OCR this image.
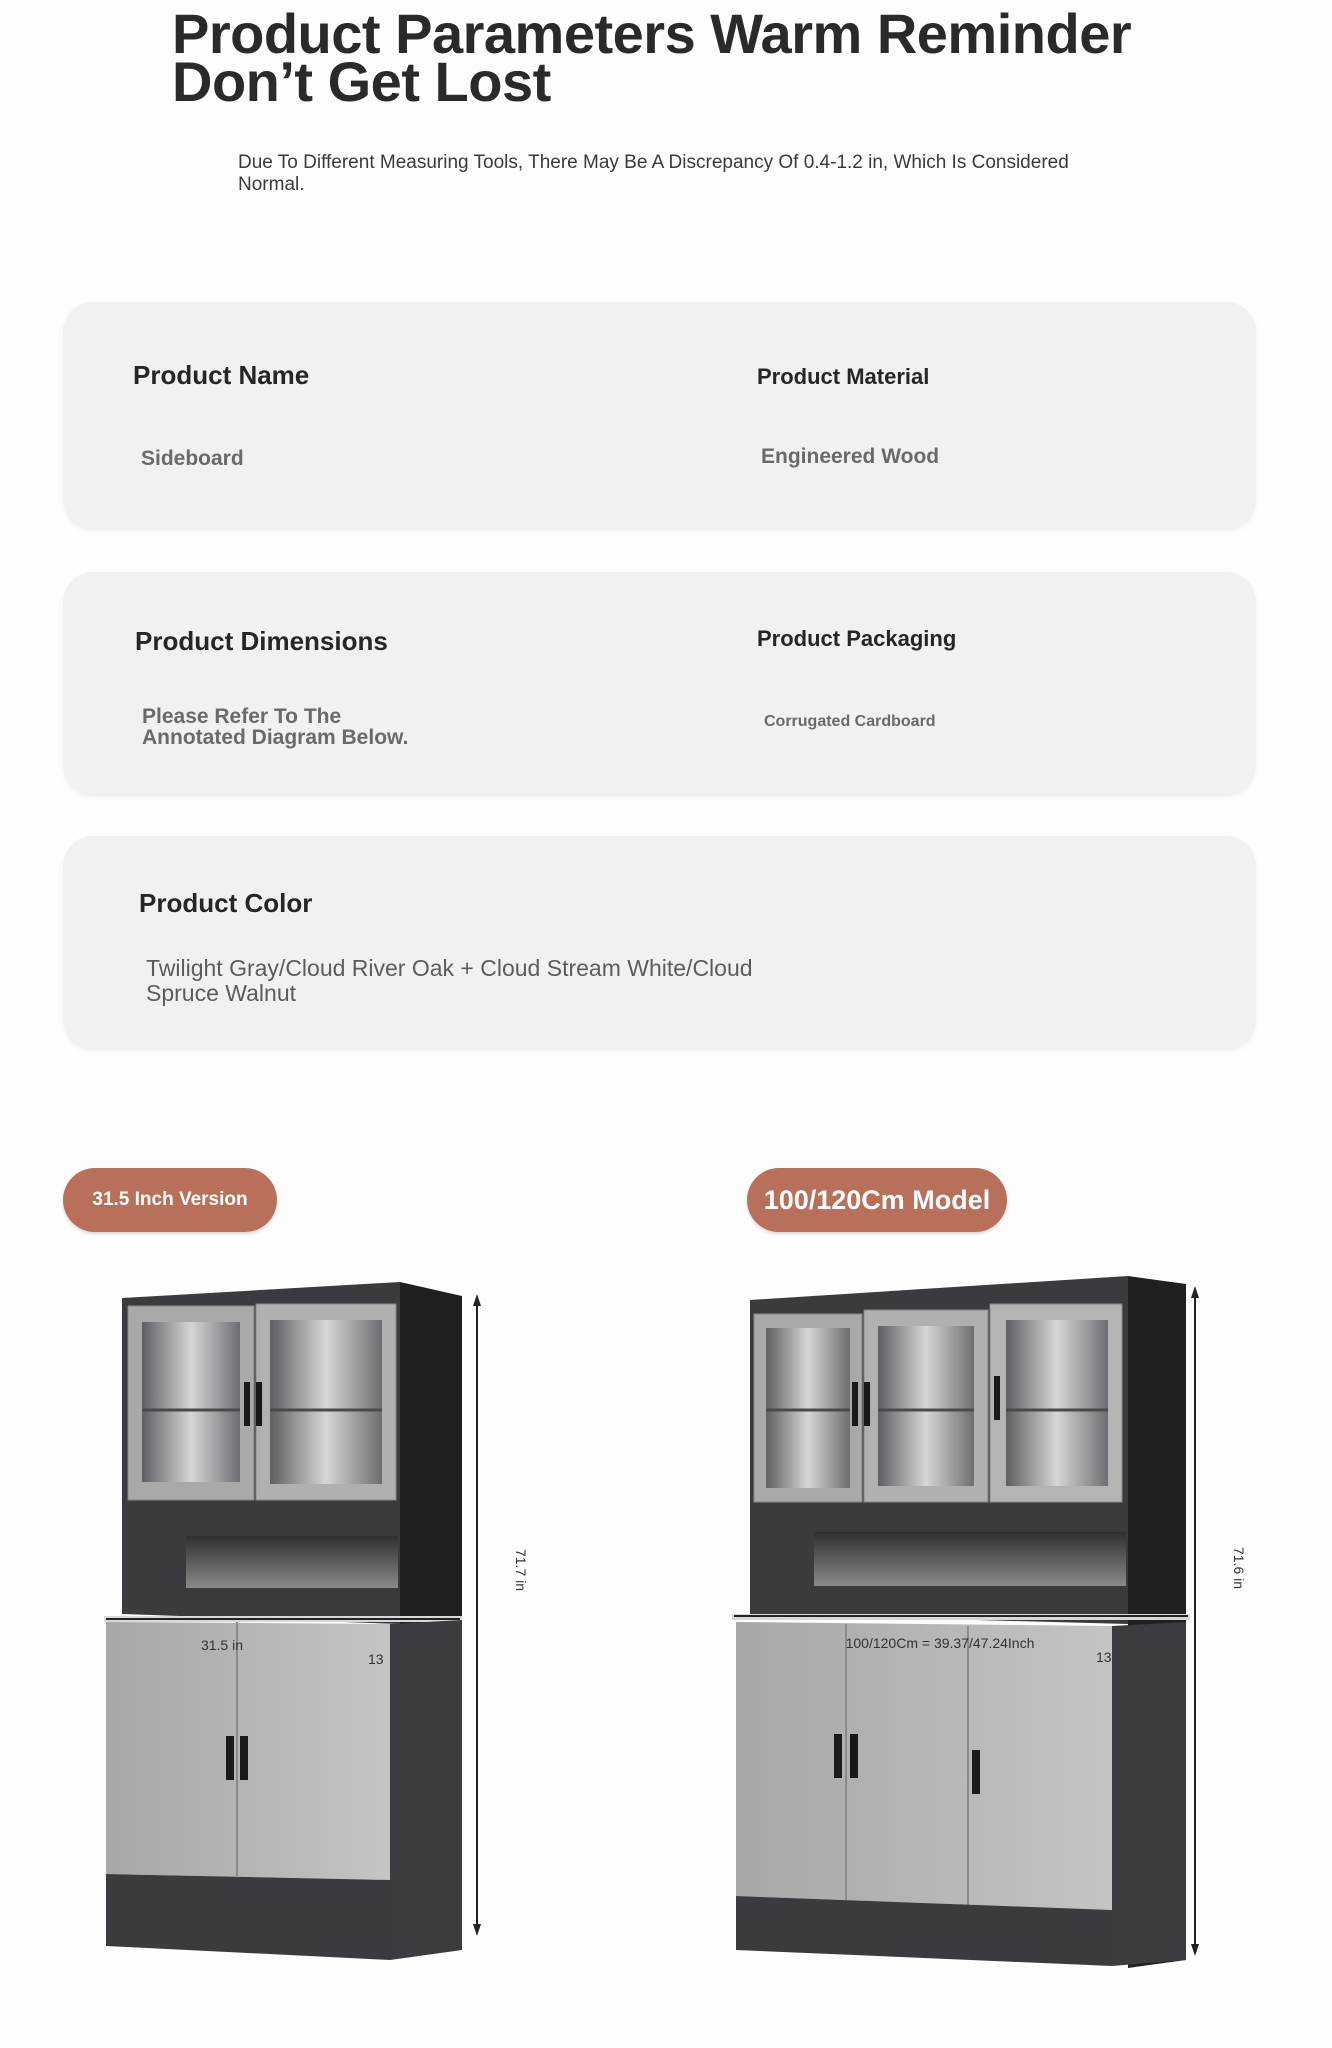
Product Parameters Warm Reminder
Don’t Get Lost
Due To Different Measuring Tools, There May Be A Discrepancy Of 0.4-1.2 in, Which Is Considered Normal.
Product Name
Sideboard
Product Material
Engineered Wood
Product Dimensions
Please Refer To The
Annotated Diagram Below.
Product Packaging
Corrugated Cardboard
Product Color
Twilight Gray/Cloud River Oak + Cloud Stream White/Cloud
Spruce Walnut
31.5 Inch Version	100/120Cm Model
71.7 in
31.5 in
13
71.6 in
100/120Cm = 39.37/47.24Inch
13
